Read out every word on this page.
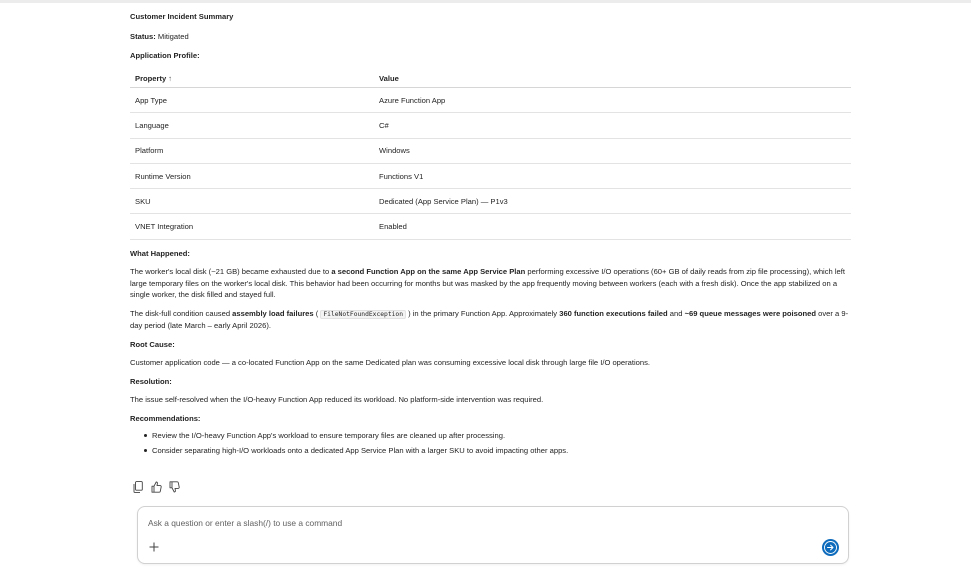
Customer Incident Summary
Status: Mitigated
Application Profile:
Property ↑	Value
App Type	Azure Function App
Language	C#
Platform	Windows
Runtime Version	Functions V1
SKU	Dedicated (App Service Plan) — P1v3
VNET Integration	Enabled
What Happened:
The worker's local disk (~21 GB) became exhausted due to a second Function App on the same App Service Plan performing excessive I/O operations (60+ GB of daily reads from zip file processing), which left large temporary files on the worker's local disk. This behavior had been occurring for months but was masked by the app frequently moving between workers (each with a fresh disk). Once the app stabilized on a single worker, the disk filled and stayed full.
The disk-full condition caused assembly load failures ( FileNotFoundException ) in the primary Function App. Approximately 360 function executions failed and ~69 queue messages were poisoned over a 9-day period (late March – early April 2026).
Root Cause:
Customer application code — a co-located Function App on the same Dedicated plan was consuming excessive local disk through large file I/O operations.
Resolution:
The issue self-resolved when the I/O-heavy Function App reduced its workload. No platform-side intervention was required.
Recommendations:
Review the I/O-heavy Function App's workload to ensure temporary files are cleaned up after processing.
Consider separating high-I/O workloads onto a dedicated App Service Plan with a larger SKU to avoid impacting other apps.
Ask a question or enter a slash(/) to use a command
